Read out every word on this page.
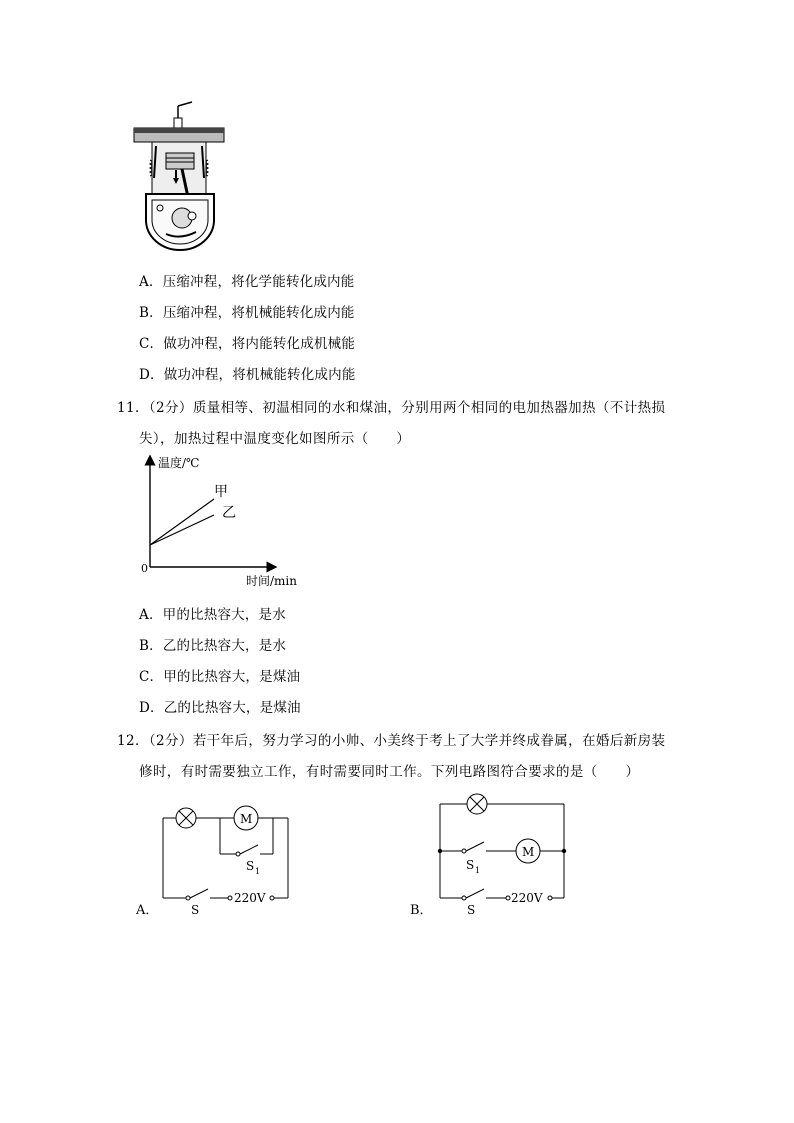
A．压缩冲程，将化学能转化成内能
B．压缩冲程，将机械能转化成内能
C．做功冲程，将内能转化成机械能
D．做功冲程，将机械能转化成内能
11．（2分）质量相等、初温相同的水和煤油，分别用两个相同的电加热器加热（不计热损
失），加热过程中温度变化如图所示（　　）
温度/℃
甲
乙
0
时间/min
A．甲的比热容大，是水
B．乙的比热容大，是水
C．甲的比热容大，是煤油
D．乙的比热容大，是煤油
12．（2分）若干年后，努力学习的小帅、小美终于考上了大学并终成眷属，在婚后新房装
修时，有时需要独立工作，有时需要同时工作。下列电路图符合要求的是（　　）
A．
M
S 1
S
220V
B．
M
S 1
S
220V
